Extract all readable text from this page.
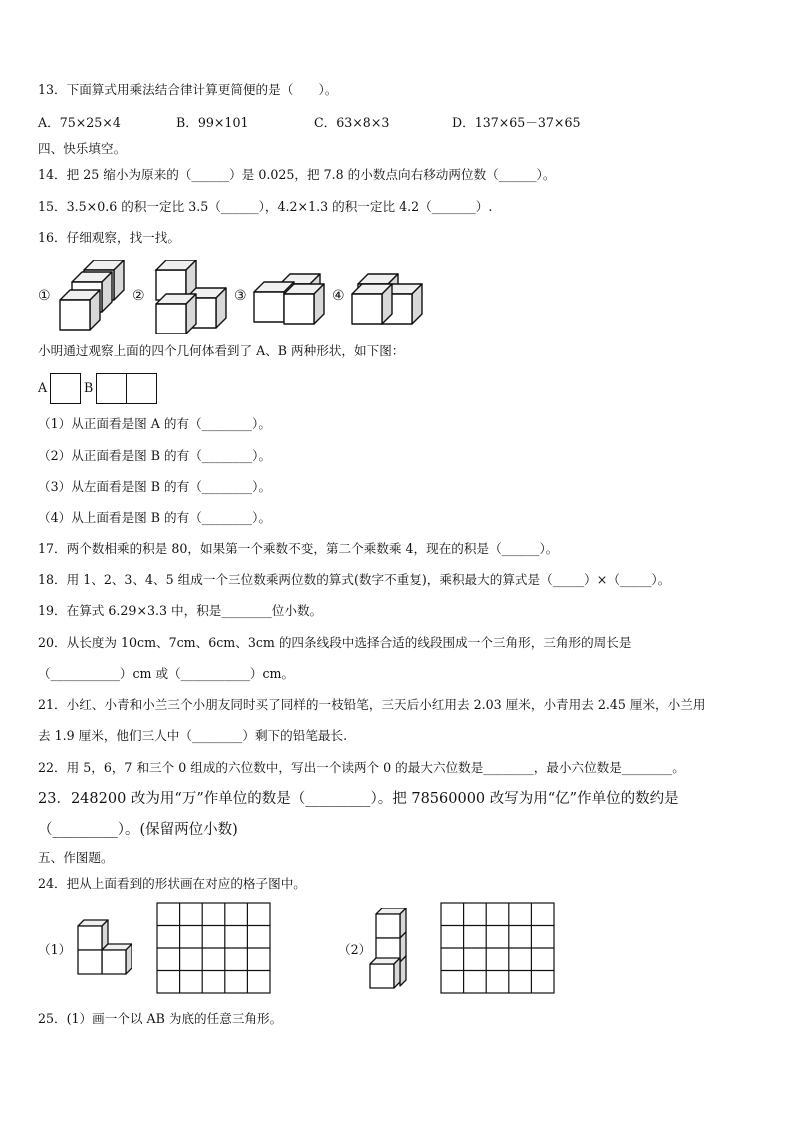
13．下面算式用乘法结合律计算更简便的是（　　）。
A．75×25×4	B．99×101	C．63×8×3	D．137×65－37×65
四、快乐填空。
14．把 25 缩小为原来的（______）是 0.025，把 7.8 的小数点向右移动两位数（______）。
15．3.5×0.6 的积一定比 3.5（______），4.2×1.3 的积一定比 4.2（_______）.
16．仔细观察，找一找。
①	②	③	④
小明通过观察上面的四个几何体看到了 A、B 两种形状，如下图：
A	B
（1）从正面看是图 A 的有（________）。
（2）从正面看是图 B 的有（________）。
（3）从左面看是图 B 的有（________）。
（4）从上面看是图 B 的有（________）。
17．两个数相乘的积是 80，如果第一个乘数不变，第二个乘数乘 4，现在的积是（______）。
18．用 1、2、3、4、5 组成一个三位数乘两位数的算式(数字不重复)，乘积最大的算式是（_____）×（_____）。
19．在算式 6.29×3.3 中，积是________位小数。
20．从长度为 10cm、7cm、6cm、3cm 的四条线段中选择合适的线段围成一个三角形，三角形的周长是
（___________）cm 或（___________）cm。
21．小红、小青和小兰三个小朋友同时买了同样的一枝铅笔，三天后小红用去 2.03 厘米，小青用去 2.45 厘米，小兰用
去 1.9 厘米，他们三人中（________）剩下的铅笔最长.
22．用 5，6，7 和三个 0 组成的六位数中，写出一个读两个 0 的最大六位数是________，最小六位数是________。
23．248200 改为用“万”作单位的数是（_________）。把 78560000 改写为用“亿”作单位的数约是
（_________）。(保留两位小数)
五、作图题。
24．把从上面看到的形状画在对应的格子图中。
（1）	（2）
25．(1）画一个以 AB 为底的任意三角形。
